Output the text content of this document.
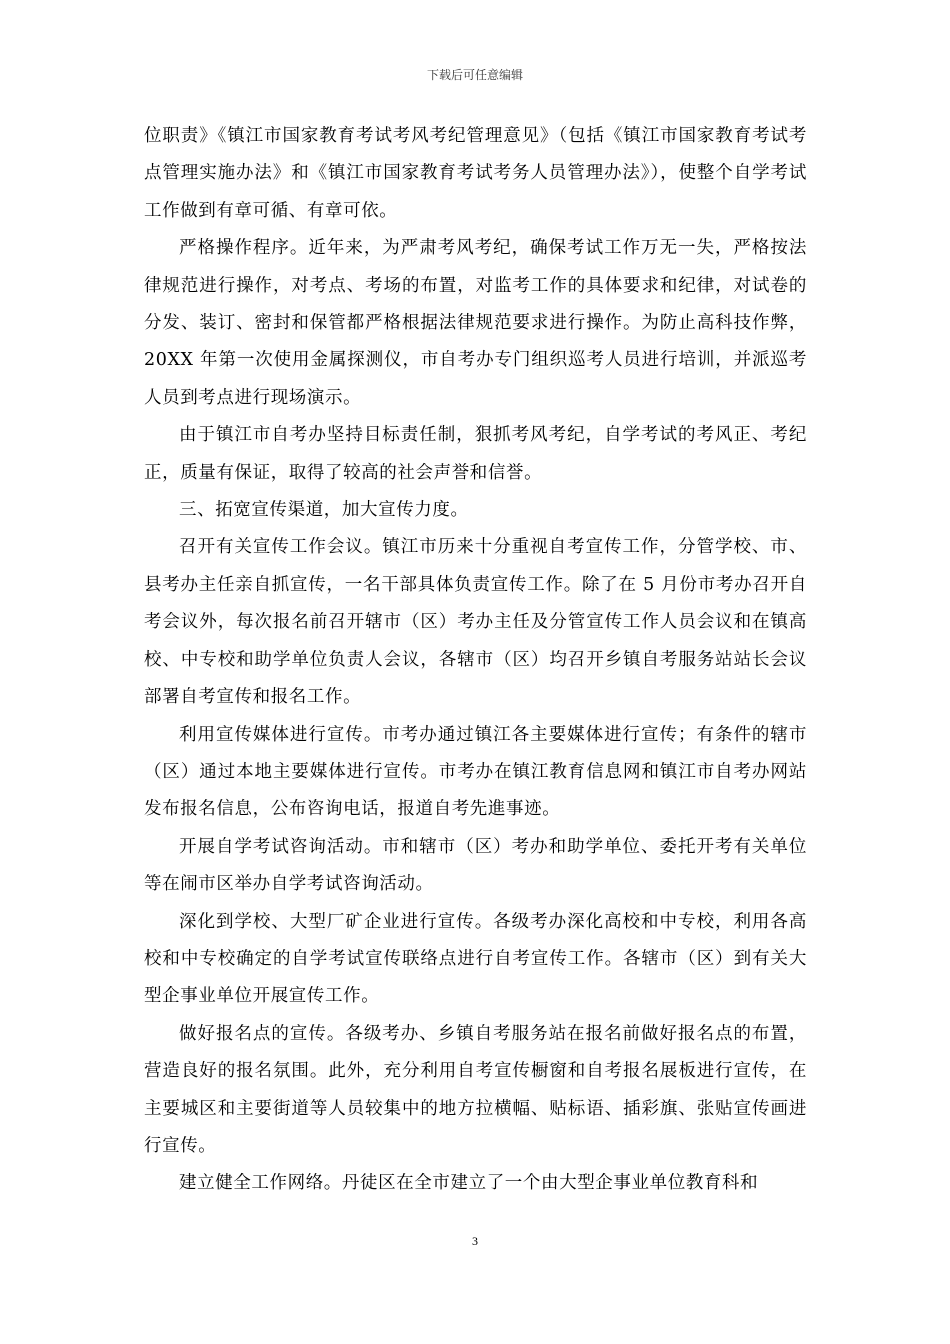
下载后可任意编辑

位职责》《镇江市国家教育考试考风考纪管理意见》（包括《镇江市国家教育考试考点管理实施办法》和《镇江市国家教育考试考务人员管理办法》），使整个自学考试工作做到有章可循、有章可依。

严格操作程序。近年来，为严肃考风考纪，确保考试工作万无一失，严格按法律规范进行操作，对考点、考场的布置，对监考工作的具体要求和纪律，对试卷的分发、装订、密封和保管都严格根据法律规范要求进行操作。为防止高科技作弊，20XX 年第一次使用金属探测仪，市自考办专门组织巡考人员进行培训，并派巡考人员到考点进行现场演示。

由于镇江市自考办坚持目标责任制，狠抓考风考纪，自学考试的考风正、考纪正，质量有保证，取得了较高的社会声誉和信誉。

三、拓宽宣传渠道，加大宣传力度。

召开有关宣传工作会议。镇江市历来十分重视自考宣传工作，分管学校、市、县考办主任亲自抓宣传，一名干部具体负责宣传工作。除了在 5 月份市考办召开自考会议外，每次报名前召开辖市（区）考办主任及分管宣传工作人员会议和在镇高校、中专校和助学单位负责人会议，各辖市（区）均召开乡镇自考服务站站长会议部署自考宣传和报名工作。

利用宣传媒体进行宣传。市考办通过镇江各主要媒体进行宣传；有条件的辖市（区）通过本地主要媒体进行宣传。市考办在镇江教育信息网和镇江市自考办网站发布报名信息，公布咨询电话，报道自考先進事迹。

开展自学考试咨询活动。市和辖市（区）考办和助学单位、委托开考有关单位等在闹市区举办自学考试咨询活动。

深化到学校、大型厂矿企业进行宣传。各级考办深化高校和中专校，利用各高校和中专校确定的自学考试宣传联络点进行自考宣传工作。各辖市（区）到有关大型企事业单位开展宣传工作。

做好报名点的宣传。各级考办、乡镇自考服务站在报名前做好报名点的布置，营造良好的报名氛围。此外，充分利用自考宣传橱窗和自考报名展板进行宣传，在主要城区和主要街道等人员较集中的地方拉横幅、贴标语、插彩旗、张贴宣传画进行宣传。

建立健全工作网络。丹徒区在全市建立了一个由大型企事业单位教育科和

3
